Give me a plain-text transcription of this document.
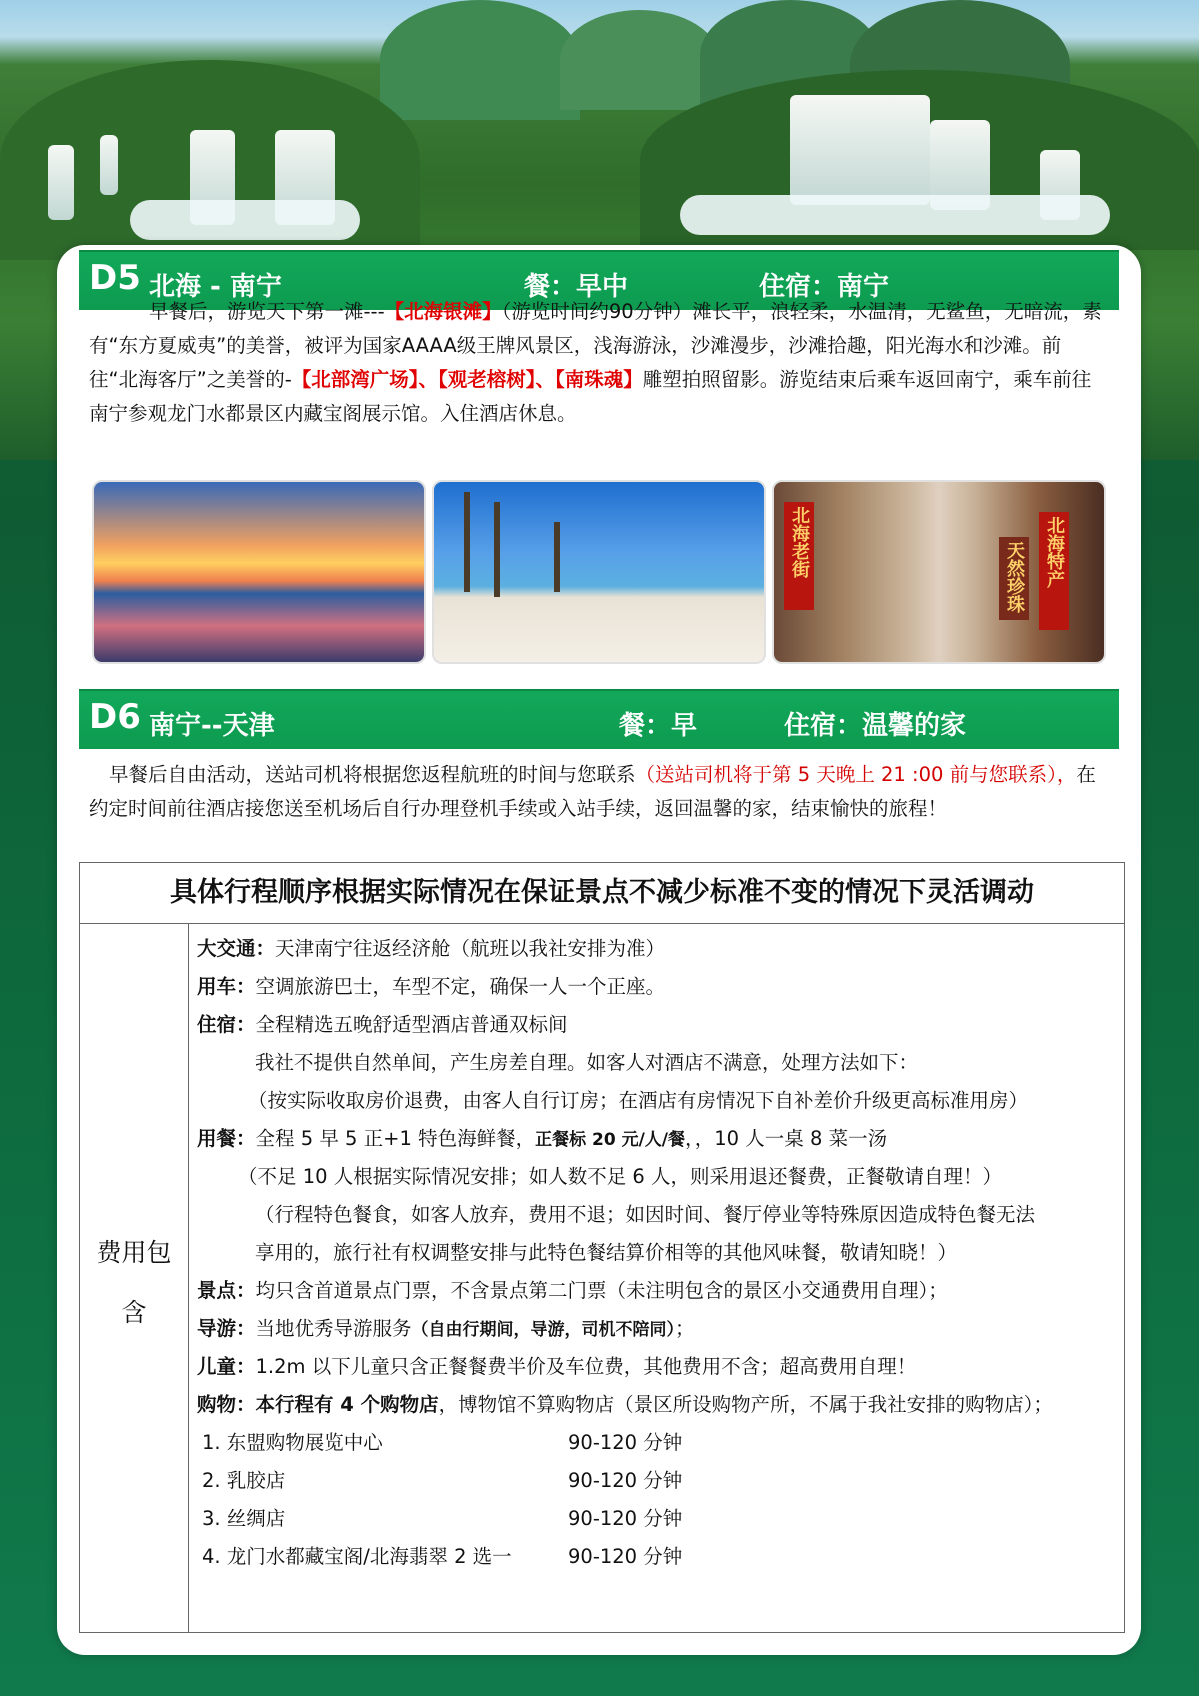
D5 北海 - 南宁	餐：早中	住宿：南宁
早餐后，游览天下第一滩---【北海银滩】（游览时间约90分钟）滩长平，浪轻柔，水温清，无鲨鱼，无暗流，素有“东方夏威夷”的美誉，被评为国家AAAA级王牌风景区，浅海游泳，沙滩漫步，沙滩拾趣，阳光海水和沙滩。前往“北海客厅”之美誉的-【北部湾广场】、【观老榕树】、【南珠魂】雕塑拍照留影。游览结束后乘车返回南宁，乘车前往南宁参观龙门水都景区内藏宝阁展示馆。入住酒店休息。
北海老街	北海特产
天然珍珠
D6 南宁--天津	餐：早	住宿：温馨的家
早餐后自由活动，送站司机将根据您返程航班的时间与您联系（送站司机将于第 5 天晚上 21 :00 前与您联系），在约定时间前往酒店接您送至机场后自行办理登机手续或入站手续，返回温馨的家，结束愉快的旅程！
具体行程顺序根据实际情况在保证景点不减少标准不变的情况下灵活调动
费用包
含
大交通：天津南宁往返经济舱（航班以我社安排为准）
用车：空调旅游巴士，车型不定，确保一人一个正座。
住宿：全程精选五晚舒适型酒店普通双标间
我社不提供自然单间，产生房差自理。如客人对酒店不满意，处理方法如下：
（按实际收取房价退费，由客人自行订房；在酒店有房情况下自补差价升级更高标准用房）
用餐：全程 5 早 5 正+1 特色海鲜餐，正餐标 20 元/人/餐，，10 人一桌 8 菜一汤
（不足 10 人根据实际情况安排；如人数不足 6 人，则采用退还餐费，正餐敬请自理！）
（行程特色餐食，如客人放弃，费用不退；如因时间、餐厅停业等特殊原因造成特色餐无法
享用的，旅行社有权调整安排与此特色餐结算价相等的其他风味餐，敬请知晓！）
景点：均只含首道景点门票，不含景点第二门票（未注明包含的景区小交通费用自理）；
导游：当地优秀导游服务（自由行期间，导游，司机不陪同）；
儿童：1.2m 以下儿童只含正餐餐费半价及车位费，其他费用不含；超高费用自理！
购物：本行程有 4 个购物店，博物馆不算购物店（景区所设购物产所，不属于我社安排的购物店）；
1. 东盟购物展览中心	90-120 分钟
2. 乳胶店	90-120 分钟
3. 丝绸店	90-120 分钟
4. 龙门水都藏宝阁/北海翡翠 2 选一	90-120 分钟
